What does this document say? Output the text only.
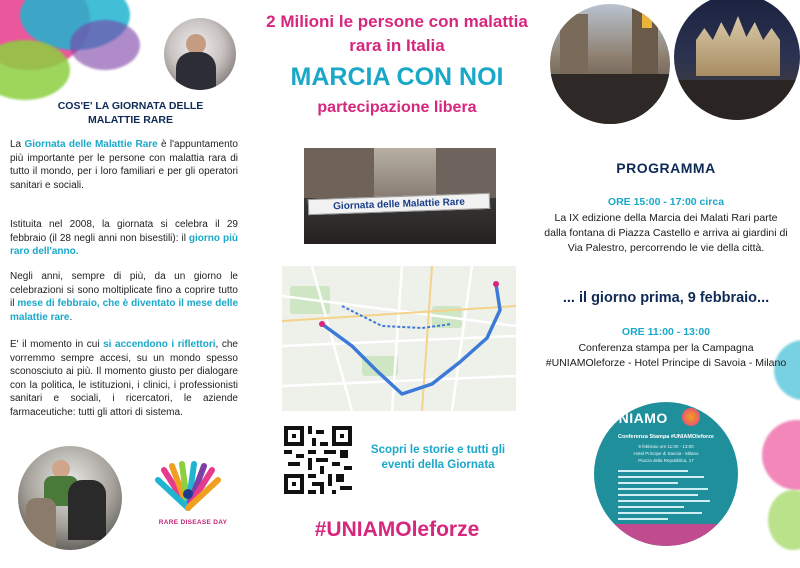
COS'E' LA GIORNATA DELLE MALATTIE RARE

La Giornata delle Malattie Rare è l'appuntamento più importante per le persone con malattia rara di tutto il mondo, per i loro familiari e per gli operatori sanitari e sociali.

Istituita nel 2008, la giornata si celebra il 29 febbraio (il 28 negli anni non bisestili): il giorno più raro dell'anno.

Negli anni, sempre di più, da un giorno le celebrazioni si sono moltiplicate fino a coprire tutto il mese di febbraio, che è diventato il mese delle malattie rare.

E' il momento in cui si accendono i riflettori, che vorremmo sempre accesi, su un mondo spesso sconosciuto ai più. Il momento giusto per dialogare con la politica, le istituzioni, i clinici, i professionisti sanitari e sociali, i ricercatori, le aziende farmaceutiche: tutti gli attori di sistema.

RARE DISEASE DAY
2 Milioni le persone con malattia rara in Italia
MARCIA CON NOI
partecipazione libera
Giornata delle Malattie Rare
Scopri le storie e tutti gli eventi della Giornata
#UNIAMOleforze
PROGRAMMA
ORE 15:00 - 17:00 circa
La IX edizione della Marcia dei Malati Rari parte dalla fontana di Piazza Castello e arriva ai giardini di Via Palestro, percorrendo le vie della città.
... il giorno prima, 9 febbraio...
ORE 11:00 - 13:00
Conferenza stampa per la Campagna #UNIAMOleforze - Hotel Principe di Savoia - Milano
UNIAMO
Conferenza Stampa #UNIAMOleforze
9 febbraio ore 11:00 - 13:00
Hotel Principe di Savoia - Milano
Piazza della Repubblica, 17
